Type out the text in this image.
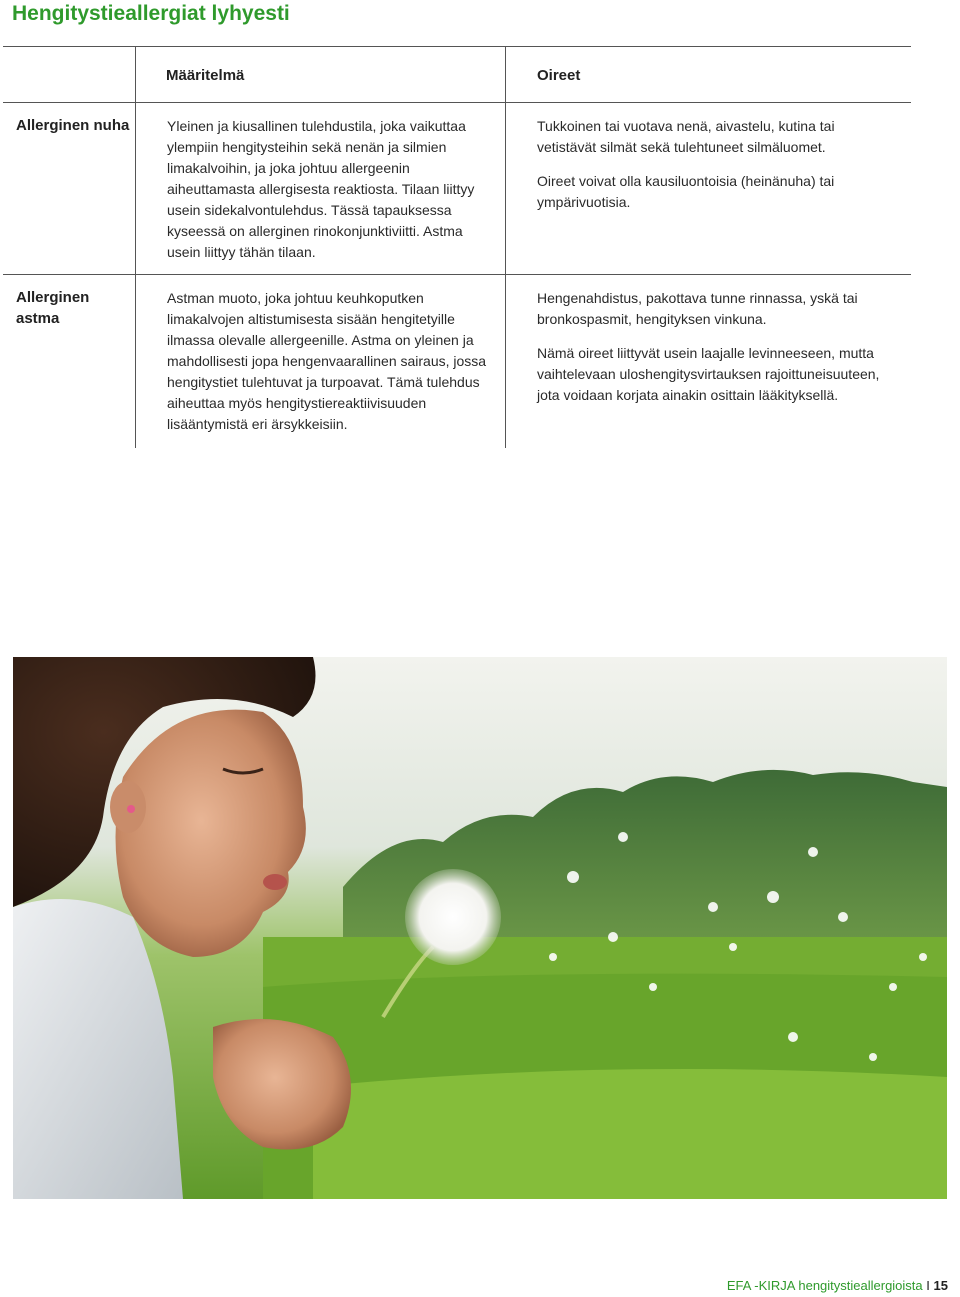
Hengitystieallergiat lyhyesti
Määritelmä	Oireet
Allerginen nuha	Yleinen ja kiusallinen tulehdustila, joka vaikuttaa ylempiin hengitysteihin sekä nenän ja silmien limakalvoihin, ja joka johtuu allergeenin aiheuttamasta allergisesta reaktiosta. Tilaan liittyy usein sidekalvontulehdus. Tässä tapauksessa kyseessä on allerginen rinokonjunktiviitti. Astma usein liittyy tähän tilaan.

Tukkoinen tai vuotava nenä, aivastelu, kutina tai vetistävät silmät sekä tulehtuneet silmäluomet.

Oireet voivat olla kausiluontoisia (heinänuha) tai ympärivuotisia.

Allerginen astma

Astman muoto, joka johtuu keuhkoputken limakalvojen altistumisesta sisään hengitetyille ilmassa olevalle allergeenille. Astma on yleinen ja mahdollisesti jopa hengenvaarallinen sairaus, jossa hengitystiet tulehtuvat ja turpoavat. Tämä tulehdus aiheuttaa myös hengitystiereaktiivisuuden lisääntymistä eri ärsykkeisiin.

Hengenahdistus, pakottava tunne rinnassa, yskä tai bronkospasmit, hengityksen vinkuna.

Nämä oireet liittyvät usein laajalle levinneeseen, mutta vaihtelevaan uloshengitysvirtauksen rajoittuneisuuteen, jota voidaan korjata ainakin osittain lääkityksellä.

EFA -KIRJA hengitystieallergioista I 15
